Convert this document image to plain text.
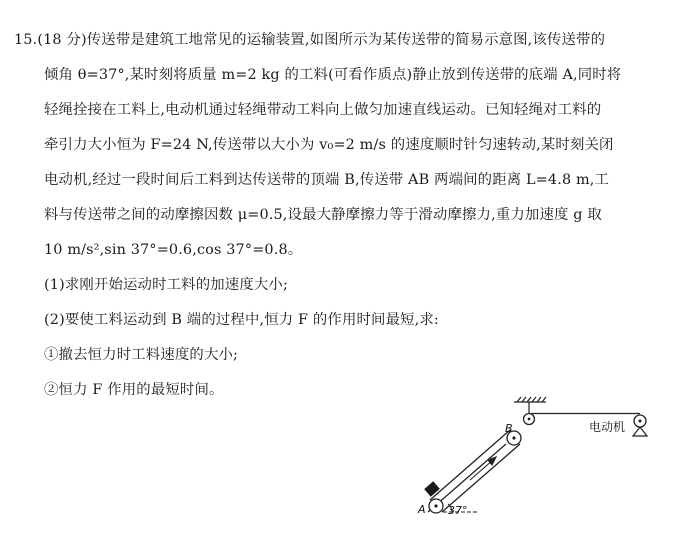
15.(18 分)传送带是建筑工地常见的运输装置,如图所示为某传送带的简易示意图,该传送带的
倾角 θ=37°,某时刻将质量 m=2 kg 的工料(可看作质点)静止放到传送带的底端 A,同时将
轻绳拴接在工料上,电动机通过轻绳带动工料向上做匀加速直线运动。已知轻绳对工料的
牵引力大小恒为 F=24 N,传送带以大小为 v₀=2 m/s 的速度顺时针匀速转动,某时刻关闭
电动机,经过一段时间后工料到达传送带的顶端 B,传送带 AB 两端间的距离 L=4.8 m,工
料与传送带之间的动摩擦因数 μ=0.5,设最大静摩擦力等于滑动摩擦力,重力加速度 g 取
10 m/s²,sin 37°=0.6,cos 37°=0.8。
(1)求刚开始运动时工料的加速度大小;
(2)要使工料运动到 B 端的过程中,恒力 F 的作用时间最短,求:
①撤去恒力时工料速度的大小;
②恒力 F 作用的最短时间。
电动机
A
B
37°
